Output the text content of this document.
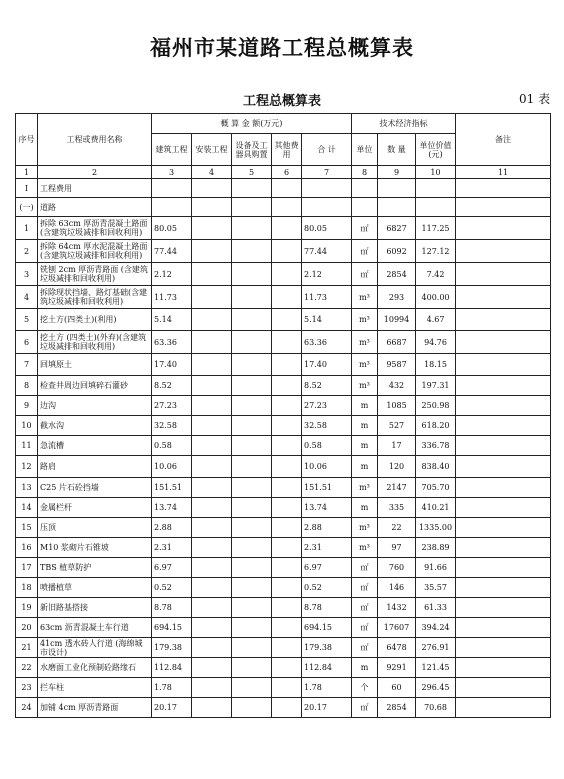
福州市某道路工程总概算表
工程总概算表	01 表
序号	工程或费用名称	概 算 金 额(万元)					技术经济指标			备注
		建筑工程	安装工程	设备及工器具购置	其他费用	合 计	单位	数 量	单位价值(元)	
1	2	3	4	5	6	7	8	9	10	11
Ⅰ	工程费用									
(一)	道路									
1	拆除 63cm 厚沥青混凝土路面(含建筑垃圾减排和回收利用)	80.05				80.05	㎡	6827	117.25	
2	拆除 64cm 厚水泥混凝土路面(含建筑垃圾减排和回收利用)	77.44				77.44	㎡	6092	127.12	
3	铣刨 2cm 厚沥青路面 (含建筑垃圾减排和回收利用)	2.12				2.12	㎡	2854	7.42	
4	拆除现状挡墙、路灯基础(含建筑垃圾减排和回收利用)	11.73				11.73	m³	293	400.00	
5	挖土方(四类土)(利用)	5.14				5.14	m³	10994	4.67	
6	挖土方 (四类土)(外弃)(含建筑垃圾减排和回收利用)	63.36				63.36	m³	6687	94.76	
7	回填原土	17.40				17.40	m³	9587	18.15	
8	检查井周边回填碎石灌砂	8.52				8.52	m³	432	197.31	
9	边沟	27.23				27.23	m	1085	250.98	
10	截水沟	32.58				32.58	m	527	618.20	
11	急流槽	0.58				0.58	m	17	336.78	
12	路肩	10.06				10.06	m	120	838.40	
13	C25 片石砼挡墙	151.51				151.51	m³	2147	705.70	
14	金属栏杆	13.74				13.74	m	335	410.21	
15	压顶	2.88				2.88	m³	22	1335.00	
16	M10 浆砌片石锥坡	2.31				2.31	m³	97	238.89	
17	TBS 植草防护	6.97				6.97	㎡	760	91.66	
18	喷播植草	0.52				0.52	㎡	146	35.57	
19	新旧路基搭接	8.78				8.78	㎡	1432	61.33	
20	63cm 沥青混凝土车行道	694.15				694.15	㎡	17607	394.24	
21	41cm 透水砖人行道 (海绵城市设计)	179.38				179.38	㎡	6478	276.91	
22	水磨面工业化预制砼路缘石	112.84				112.84	m	9291	121.45	
23	拦车柱	1.78				1.78	个	60	296.45	
24	加铺 4cm 厚沥青路面	20.17				20.17	㎡	2854	70.68	
